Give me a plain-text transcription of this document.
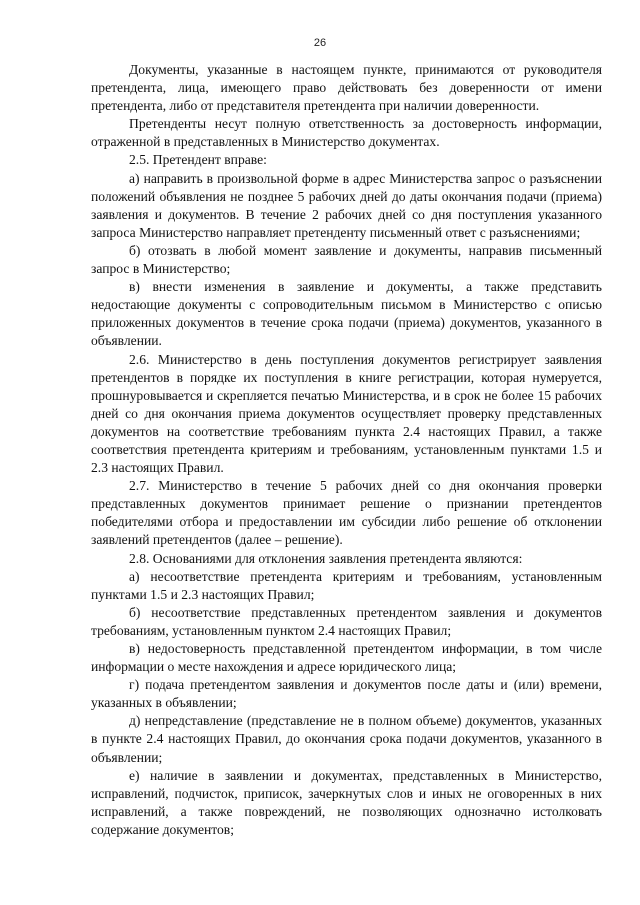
26

Документы, указанные в настоящем пункте, принимаются от руководителя претендента, лица, имеющего право действовать без доверенности от имени претендента, либо от представителя претендента при наличии доверенности.

Претенденты несут полную ответственность за достоверность информации, отраженной в представленных в Министерство документах.

2.5. Претендент вправе:

а) направить в произвольной форме в адрес Министерства запрос о разъяснении положений объявления не позднее 5 рабочих дней до даты окончания подачи (приема) заявления и документов. В течение 2 рабочих дней со дня поступления указанного запроса Министерство направляет претенденту письменный ответ с разъяснениями;

б) отозвать в любой момент заявление и документы, направив письменный запрос в Министерство;

в) внести изменения в заявление и документы, а также представить недостающие документы с сопроводительным письмом в Министерство с описью приложенных документов в течение срока подачи (приема) документов, указанного в объявлении.

2.6. Министерство в день поступления документов регистрирует заявления претендентов в порядке их поступления в книге регистрации, которая нумеруется, прошнуровывается и скрепляется печатью Министерства, и в срок не более 15 рабочих дней со дня окончания приема документов осуществляет проверку представленных документов на соответствие требованиям пункта 2.4 настоящих Правил, а также соответствия претендента критериям и требованиям, установленным пунктами 1.5 и 2.3 настоящих Правил.

2.7. Министерство в течение 5 рабочих дней со дня окончания проверки представленных документов принимает решение о признании претендентов победителями отбора и предоставлении им субсидии либо решение об отклонении заявлений претендентов (далее – решение).

2.8. Основаниями для отклонения заявления претендента являются:

а) несоответствие претендента критериям и требованиям, установленным пунктами 1.5 и 2.3 настоящих Правил;

б) несоответствие представленных претендентом заявления и документов требованиям, установленным пунктом 2.4 настоящих Правил;

в) недостоверность представленной претендентом информации, в том числе информации о месте нахождения и адресе юридического лица;

г) подача претендентом заявления и документов после даты и (или) времени, указанных в объявлении;

д) непредставление (представление не в полном объеме) документов, указанных в пункте 2.4 настоящих Правил, до окончания срока подачи документов, указанного в объявлении;

е) наличие в заявлении и документах, представленных в Министерство, исправлений, подчисток, приписок, зачеркнутых слов и иных не оговоренных в них исправлений, а также повреждений, не позволяющих однозначно истолковать содержание документов;
